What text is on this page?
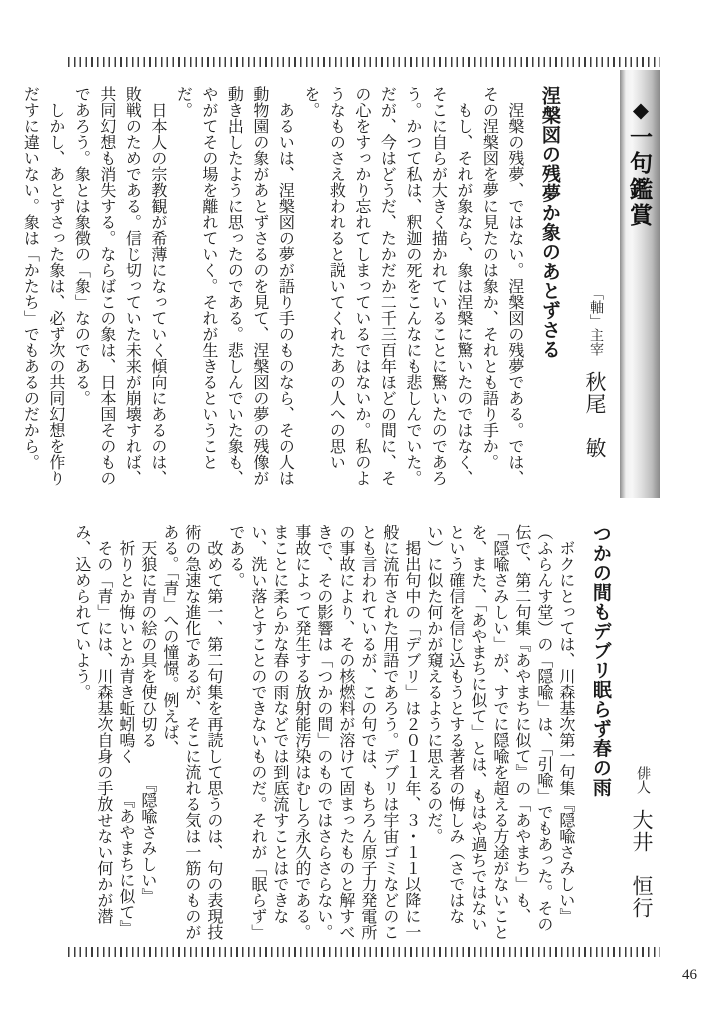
◆一句鑑賞
「軸」主宰秋尾　敏
涅槃図の残夢か象のあとずさる

涅槃の残夢、ではない。涅槃図の残夢である。では、その涅槃図を夢に見たのは象か、それとも語り手か。

もし、それが象なら、象は涅槃に驚いたのではなく、そこに自らが大きく描かれていることに驚いたのであろう。かつて私は、釈迦の死をこんなにも悲しんでいた。だが、今はどうだ、たかだか二千三百年ほどの間に、その心をすっかり忘れてしまっているではないか。私のようなものさえ救われると説いてくれたあの人への思いを。

あるいは、涅槃図の夢が語り手のものなら、その人は動物園の象があとずさるのを見て、涅槃図の夢の残像が動き出したように思ったのである。悲しんでいた象も、やがてその場を離れていく。それが生きるということだ。

日本人の宗教観が希薄になっていく傾向にあるのは、敗戦のためである。信じ切っていた未来が崩壊すれば、共同幻想も消失する。ならばこの象は、日本国そのものであろう。象とは象徴の「象」なのである。

しかし、あとずさった象は、必ず次の共同幻想を作りだすに違いない。象は「かたち」でもあるのだから。

俳人大井　恒行
つかの間もデブリ眠らず春の雨

ボクにとっては、川森基次第一句集『隠喩さみしい』（ふらんす堂）の「隠喩」は、「引喩」でもあった。その伝で、第二句集『あやまちに似て』の「あやまち」も、「隠喩さみしい」が、すでに隠喩を超える方途がないことを、また、「あやまちに似て」とは、もはや過ちではないという確信を信じ込もうとする著者の悔しみ（さではない）に似た何かが窺えるように思えるのだ。

掲出句中の「デブリ」は２０１１年、３・１１以降に一般に流布された用語であろう。デブリは宇宙ゴミなどのことも言われているが、この句では、もちろん原子力発電所の事故により、その核燃料が溶けて固まったものと解すべきで、その影響は「つかの間」のものではさらさらない。事故によって発生する放射能汚染はむしろ永久的である。まことに柔らかな春の雨などでは到底流すことはできない、洗い落とすことのできないものだ。それが「眠らず」である。

改めて第一、第二句集を再読して思うのは、句の表現技術の急速な進化であるが、そこに流れる気は一筋のものがある。「青」への憧憬。例えば、

天狼に青の絵の具を使ひ切る『隠喩さみしい』

祈りとか悔いとか青き蚯蚓鳴く『あやまちに似て』

その「青」には、川森基次自身の手放せない何かが潜み、込められていよう。

46
